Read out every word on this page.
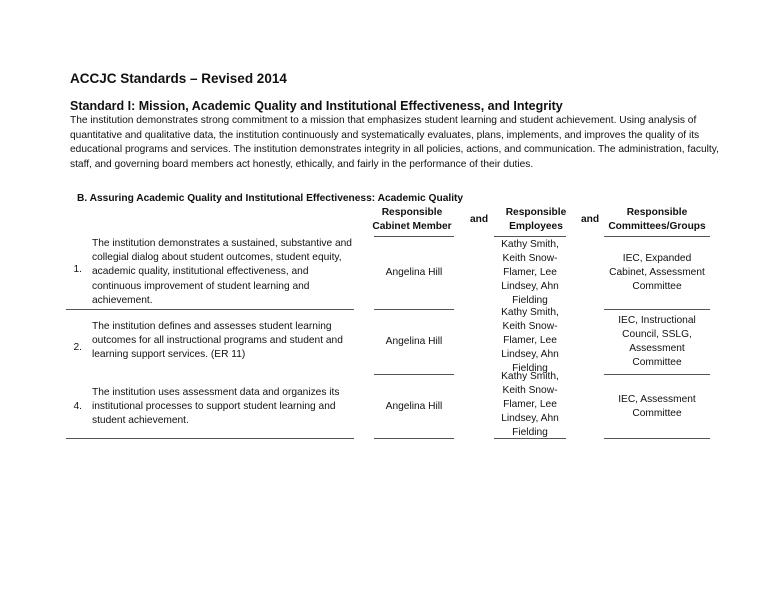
ACCJC Standards – Revised 2014
Standard I: Mission, Academic Quality and Institutional Effectiveness, and Integrity
The institution demonstrates strong commitment to a mission that emphasizes student learning and student achievement. Using analysis of quantitative and qualitative data, the institution continuously and systematically evaluates, plans, implements, and improves the quality of its educational programs and services. The institution demonstrates integrity in all policies, actions, and communication. The administration, faculty, staff, and governing board members act honestly, ethically, and fairly in the performance of their duties.
B. Assuring Academic Quality and Institutional Effectiveness: Academic Quality
Responsible Cabinet Member
and
Responsible Employees
and
Responsible Committees/Groups
1.
The institution demonstrates a sustained, substantive and collegial dialog about student outcomes, student equity, academic quality, institutional effectiveness, and continuous improvement of student learning and achievement.
Angelina Hill
Kathy Smith, Keith Snow-Flamer, Lee Lindsey, Ahn Fielding
IEC, Expanded Cabinet, Assessment Committee
2.
The institution defines and assesses student learning outcomes for all instructional programs and student and learning support services. (ER 11)
Angelina Hill
Kathy Smith, Keith Snow-Flamer, Lee Lindsey, Ahn Fielding
IEC, Instructional Council, SSLG, Assessment Committee
4.
The institution uses assessment data and organizes its institutional processes to support student learning and student achievement.
Angelina Hill
Kathy Smith, Keith Snow-Flamer, Lee Lindsey, Ahn Fielding
IEC, Assessment Committee
